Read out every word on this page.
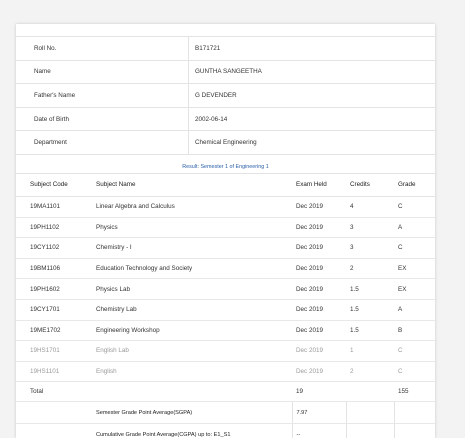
Roll No.	B171721
Name	GUNTHA SANGEETHA
Father's Name	G DEVENDER
Date of Birth	2002-06-14
Department	Chemical Engineering
Result: Semester 1 of Engineering 1
Subject Code	Subject Name	Exam Held	Credits	Grade
19MA1101	Linear Algebra and Calculus	Dec 2019	4	C
19PH1102	Physics	Dec 2019	3	A
19CY1102	Chemistry - I	Dec 2019	3	C
19BM1106	Education Technology and Society	Dec 2019	2	EX
19PH1602	Physics Lab	Dec 2019	1.5	EX
19CY1701	Chemistry Lab	Dec 2019	1.5	A
19ME1702	Engineering Workshop	Dec 2019	1.5	B
19HS1701	English Lab	Dec 2019	1	C
19HS1101	English	Dec 2019	2	C
Total		19		155
	Semester Grade Point Average(SGPA)	7.97		
	Cumulative Grade Point Average(CGPA) up to: E1_S1	--		
